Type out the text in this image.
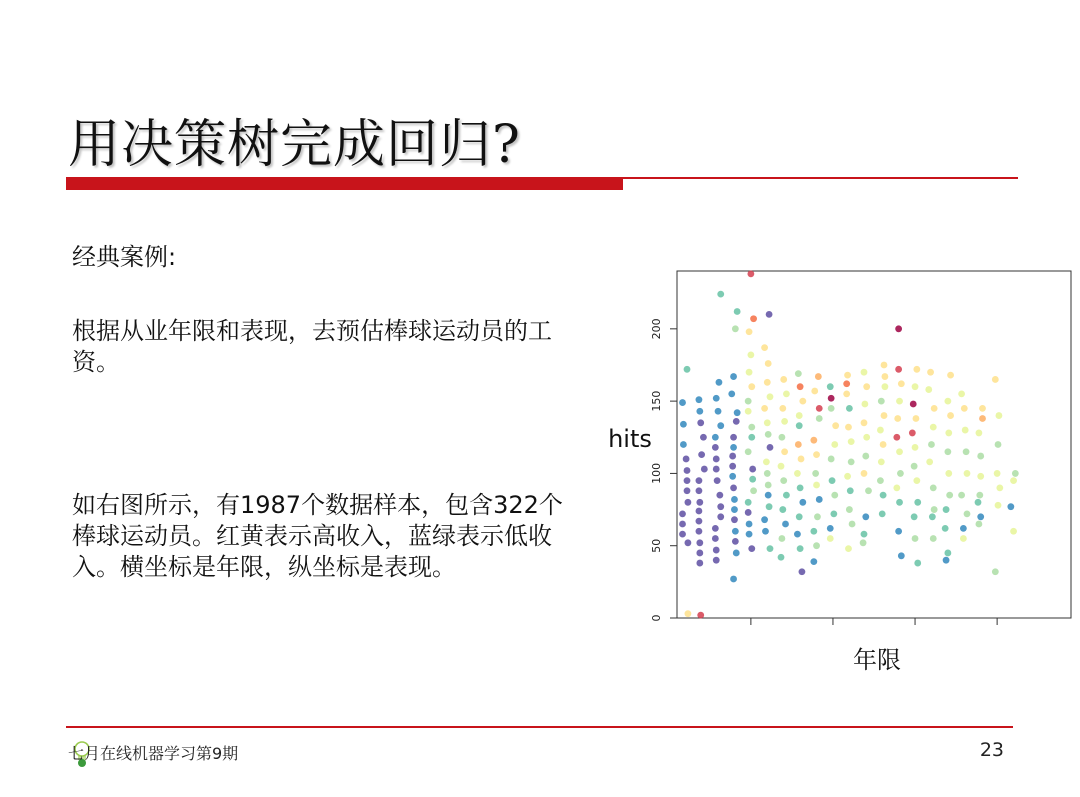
用决策树完成回归?
经典案例:
根据从业年限和表现，去预估棒球运动员的工资。
如右图所示，有1987个数据样本，包含322个棒球运动员。红黄表示高收入，蓝绿表示低收入。横坐标是年限，纵坐标是表现。
0
50
100
150
200
hits
年限
七月在线机器学习第9期	23
